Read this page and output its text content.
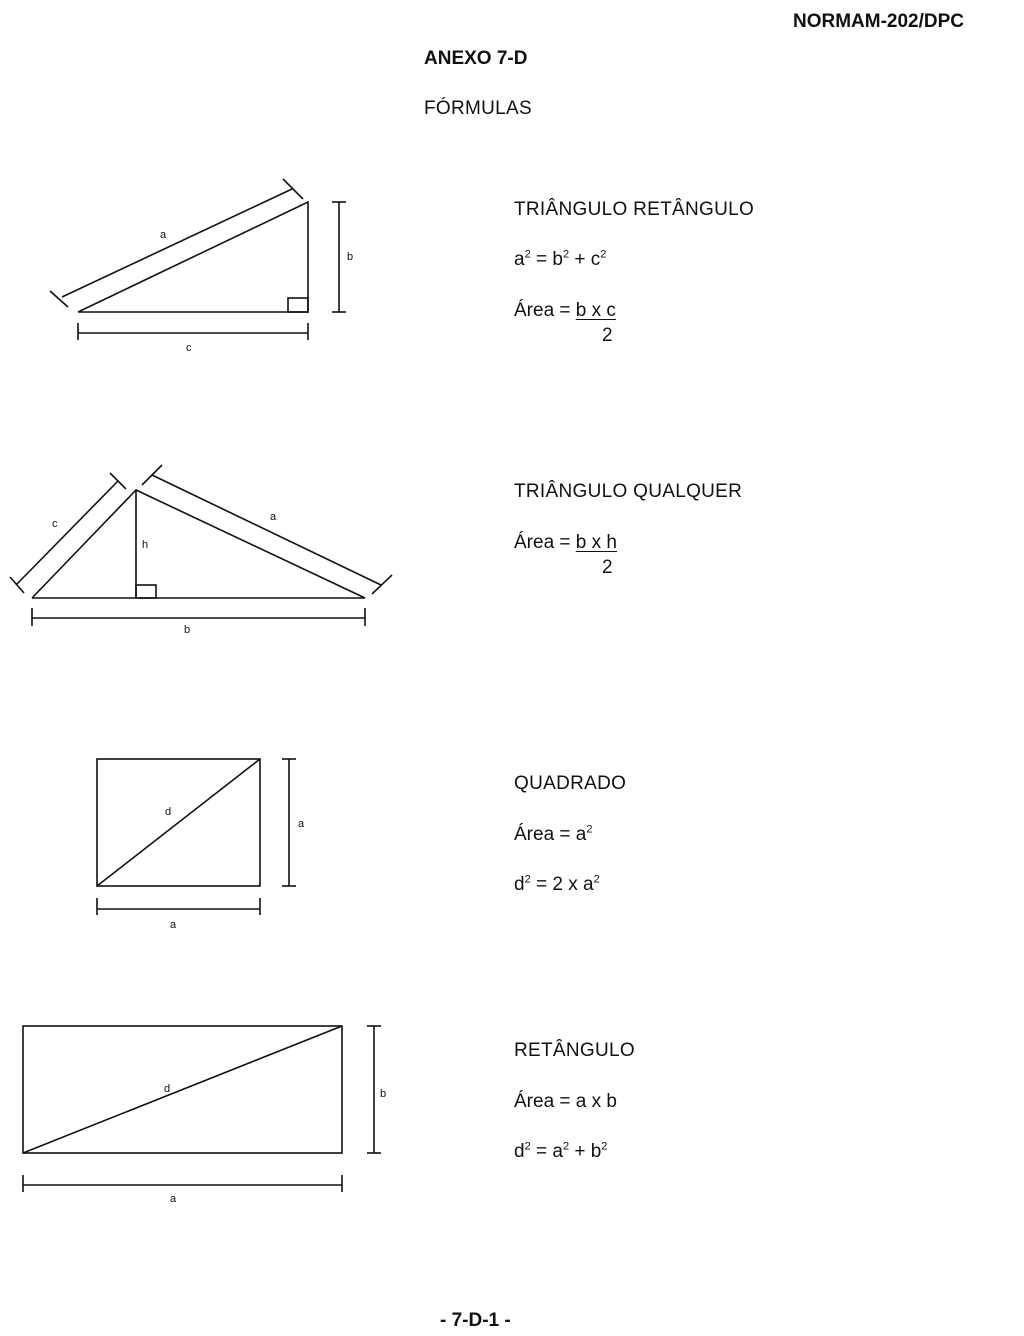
NORMAM-202/DPC
ANEXO 7-D
FÓRMULAS
a
b
c
c
a
h
b
d
a
a
d	b
a
TRIÂNGULO RETÂNGULO
$a^2 = b^2 + c^2$
Área = b x c
2
TRIÂNGULO QUALQUER
Área = b x h
2
QUADRADO
Área = $a^2$
$d^2 = 2$ x $a^2$
RETÂNGULO
Área = a x b
$d^2 = a^2 + b^2$
- 7-D-1 -
